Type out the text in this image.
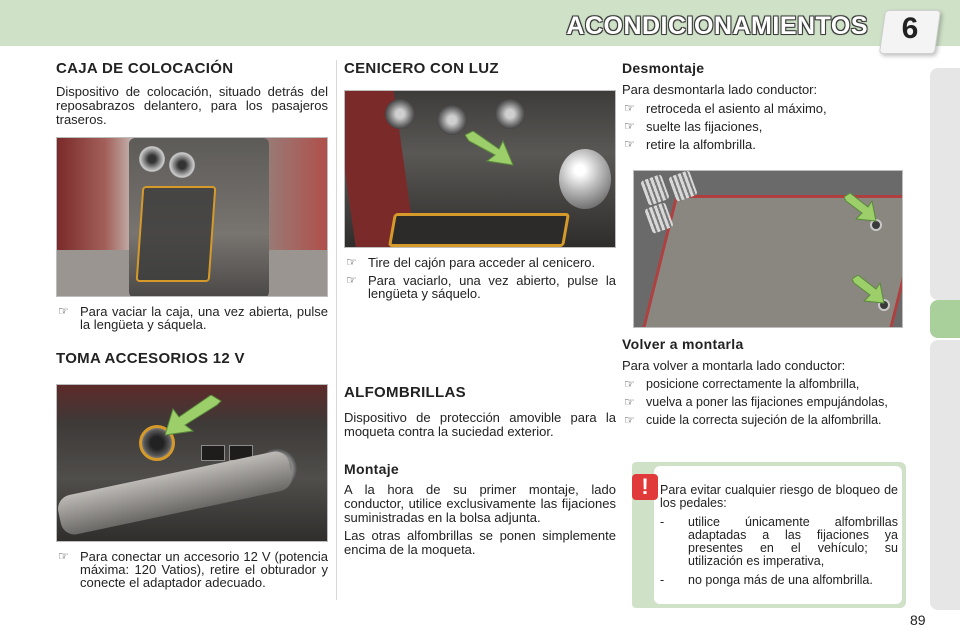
ACONDICIONAMIENTOS	6
CAJA DE COLOCACIÓN

Dispositivo de colocación, situado detrás del reposabrazos delantero, para los pasajeros traseros.

☞ Para vaciar la caja, una vez abierta, pulse la lengüeta y sáquela.
TOMA ACCESORIOS 12 V
☞ Para conectar un accesorio 12 V (potencia máxima: 120 Vatios), retire el obturador y conecte el adaptador adecuado.
CENICERO CON LUZ
☞ Tire del cajón para acceder al cenicero.
☞ Para vaciarlo, una vez abierto, pulse la lengüeta y sáquelo.
ALFOMBRILLAS

Dispositivo de protección amovible para la moqueta contra la suciedad exterior.

Montaje

A la hora de su primer montaje, lado conductor, utilice exclusivamente las fijaciones suministradas en la bolsa adjunta.

Las otras alfombrillas se ponen simplemente encima de la moqueta.

Desmontaje

Para desmontarla lado conductor:

☞ retroceda el asiento al máximo,
☞ suelte las fijaciones,
☞ retire la alfombrilla.
Volver a montarla

Para volver a montarla lado conductor:

☞ posicione correctamente la alfombrilla,
☞ vuelva a poner las fijaciones empujándolas,
☞ cuide la correcta sujeción de la alfombrilla.
! Para evitar cualquier riesgo de bloqueo de los pedales:
- utilice únicamente alfombrillas adaptadas a las fijaciones ya presentes en el vehículo; su utilización es imperativa,
- no ponga más de una alfombrilla.
89
